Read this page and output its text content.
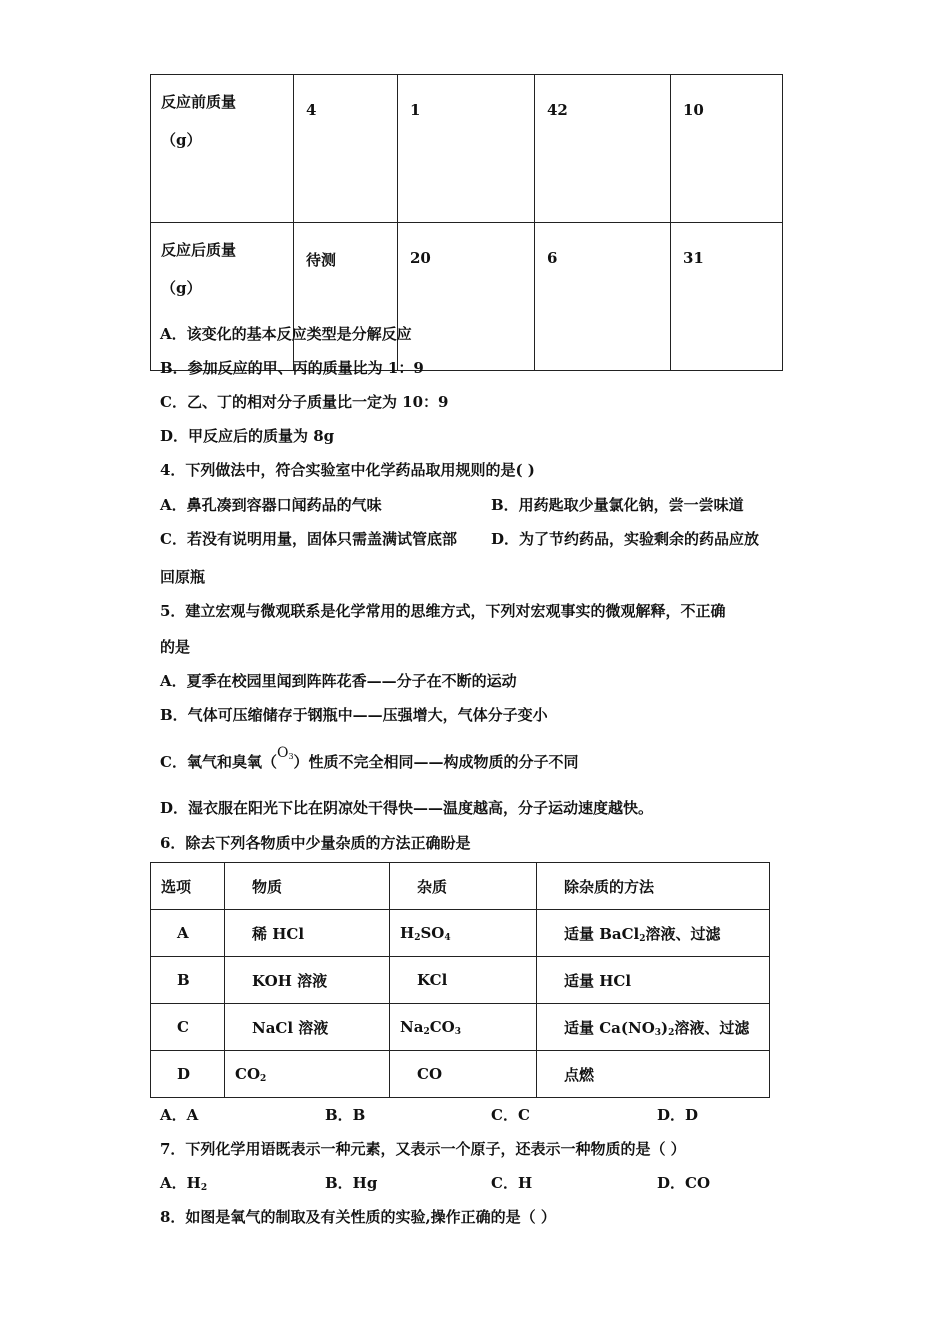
反应前质量
（g）	4	1	42	10
反应后质量
（g）	待测	20	6	31
A．该变化的基本反应类型是分解反应
B．参加反应的甲、丙的质量比为 1：9
C．乙、丁的相对分子质量比一定为 10：9
D．甲反应后的质量为 8g
4．下列做法中，符合实验室中化学药品取用规则的是( )
A．鼻孔凑到容器口闻药品的气味	B．用药匙取少量氯化钠，尝一尝味道
C．若没有说明用量，固体只需盖满试管底部 D．为了节约药品，实验剩余的药品应放
回原瓶
5．建立宏观与微观联系是化学常用的思维方式，下列对宏观事实的微观解释，不正确
的是
A．夏季在校园里闻到阵阵花香——分子在不断的运动
B．气体可压缩储存于钢瓶中——压强增大，气体分子变小
C．氧气和臭氧$(O_3)$性质不完全相同——构成物质的分子不同
D．湿衣服在阳光下比在阴凉处干得快——温度越高，分子运动速度越快。
6．除去下列各物质中少量杂质的方法正确盼是
选项	物质	杂质	除杂质的方法
A	稀 HCl	$H_2SO_4$	适量 BaCl$_2$溶液、过滤
B	KOH 溶液	KCl	适量 HCl
C	NaCl 溶液	$Na_2CO_3$	适量 $Ca(NO_3)_2$溶液、过滤
D	$CO_2$	CO	点燃
A．A	B．B	C．C	D．D
7．下列化学用语既表示一种元素，又表示一个原子，还表示一种物质的是（ ）
A．$H_2$	B．Hg	C．H	D．CO
8．如图是氧气的制取及有关性质的实验,操作正确的是（ ）
